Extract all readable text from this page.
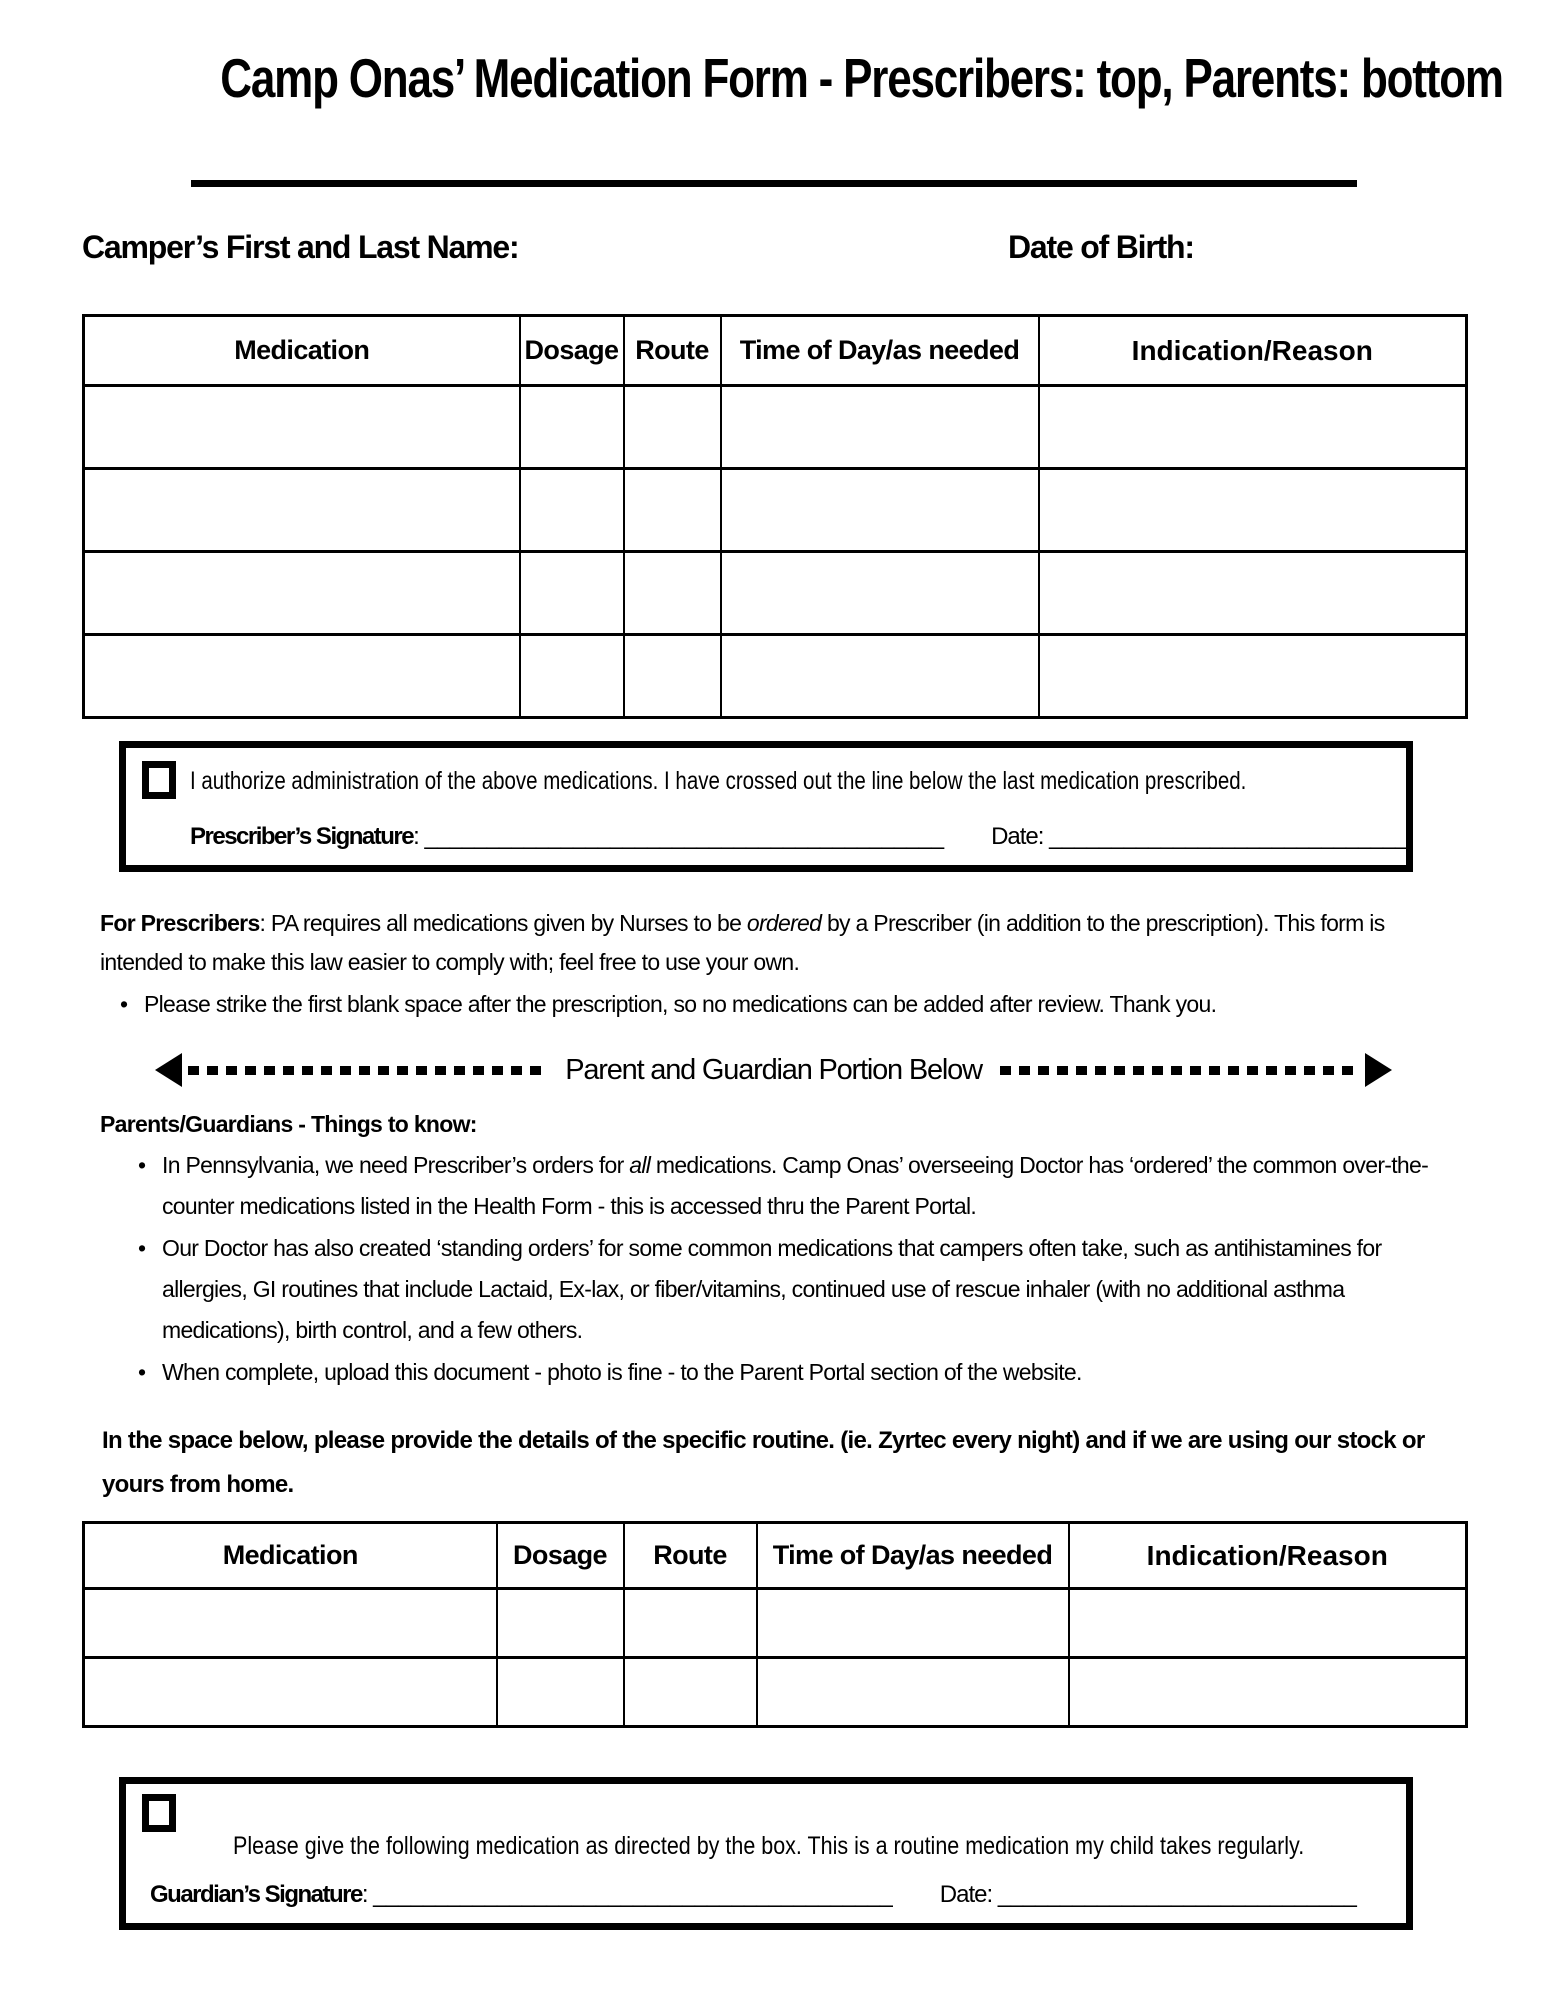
Camp Onas’ Medication Form - Prescribers: top, Parents: bottom
Camper’s First and Last Name:	Date of Birth:
Medication	Dosage	Route	Time of Day/as needed	Indication/Reason

I authorize administration of the above medications. I have crossed out the line below the last medication prescribed.
Prescriber’s Signature: __________________________________________ Date: _____________________________
For Prescribers: PA requires all medications given by Nurses to be ordered by a Prescriber (in addition to the prescription). This form is intended to make this law easier to comply with; feel free to use your own.
• Please strike the first blank space after the prescription, so no medications can be added after review. Thank you.
Parent and Guardian Portion Below
Parents/Guardians - Things to know:
• In Pennsylvania, we need Prescriber’s orders for all medications. Camp Onas’ overseeing Doctor has ‘ordered’ the common over-the-counter medications listed in the Health Form - this is accessed thru the Parent Portal.
• Our Doctor has also created ‘standing orders’ for some common medications that campers often take, such as antihistamines for allergies, GI routines that include Lactaid, Ex-lax, or fiber/vitamins, continued use of rescue inhaler (with no additional asthma medications), birth control, and a few others.
• When complete, upload this document - photo is fine - to the Parent Portal section of the website.
In the space below, please provide the details of the specific routine. (ie. Zyrtec every night) and if we are using our stock or yours from home.
Medication	Dosage	Route	Time of Day/as needed	Indication/Reason

Please give the following medication as directed by the box. This is a routine medication my child takes regularly.
Guardian’s Signature: __________________________________________ Date: _____________________________
